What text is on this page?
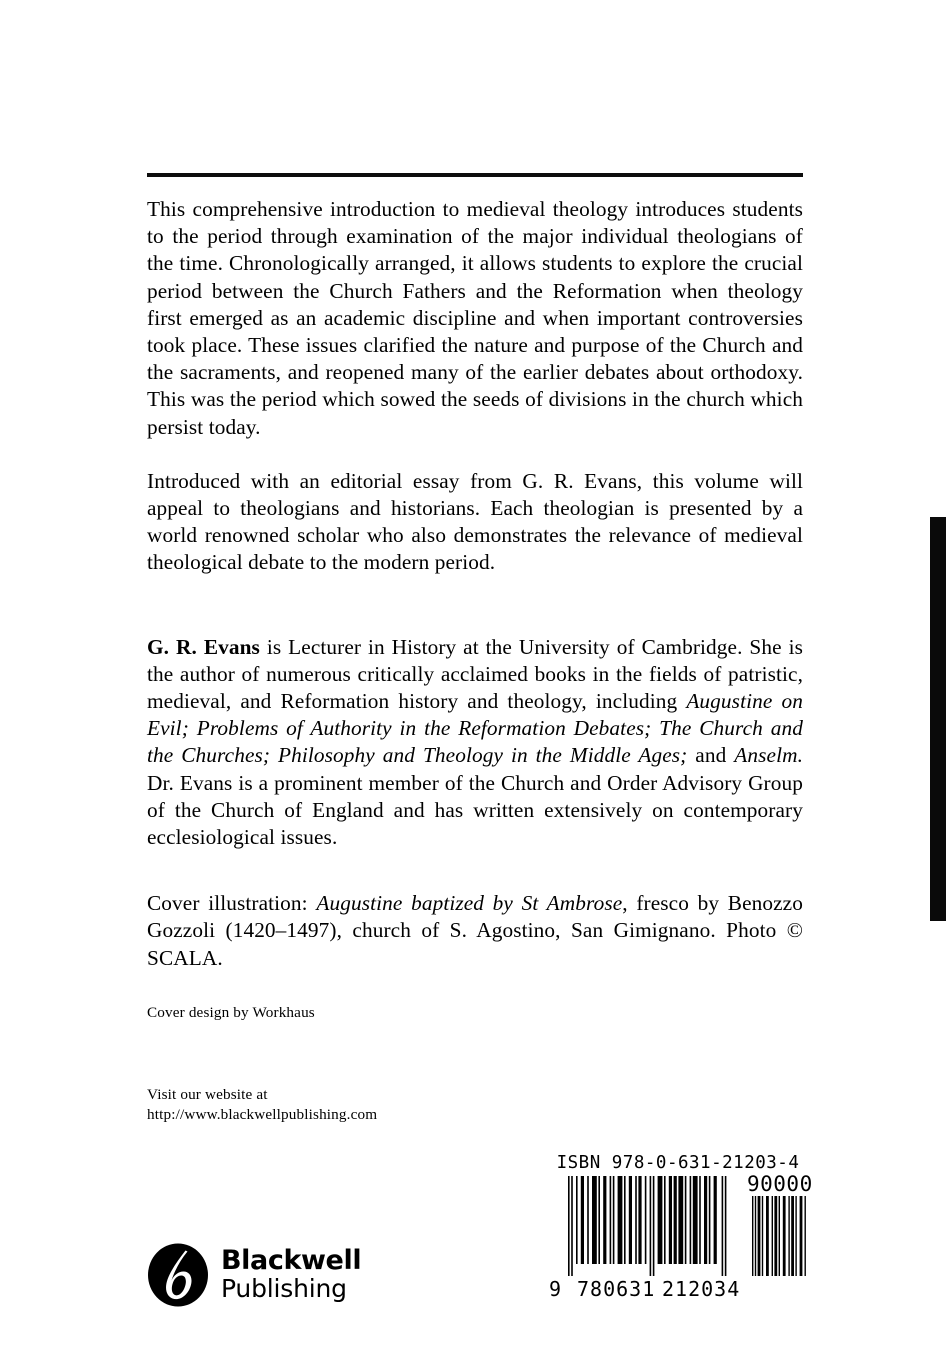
This comprehensive introduction to medieval theology introduces students to the period through examination of the major individual theologians of the time. Chronologically arranged, it allows students to explore the crucial period between the Church Fathers and the Reformation when theology first emerged as an academic discipline and when important controversies took place. These issues clarified the nature and purpose of the Church and the sacraments, and reopened many of the earlier debates about orthodoxy. This was the period which sowed the seeds of divisions in the church which persist today.

Introduced with an editorial essay from G. R. Evans, this volume will appeal to theologians and historians. Each theologian is presented by a world renowned scholar who also demonstrates the relevance of medieval theological debate to the modern period.

G. R. Evans is Lecturer in History at the University of Cambridge. She is the author of numerous critically acclaimed books in the fields of patristic, medieval, and Reformation history and theology, including Augustine on Evil; Problems of Authority in the Reformation Debates; The Church and the Churches; Philosophy and Theology in the Middle Ages; and Anselm. Dr. Evans is a prominent member of the Church and Order Advisory Group of the Church of England and has written extensively on contemporary ecclesiological issues.

Cover illustration: Augustine baptized by St Ambrose, fresco by Benozzo Gozzoli (1420–1497), church of S. Agostino, San Gimignano. Photo © SCALA.

Cover design by Workhaus
Visit our website at
http://www.blackwellpublishing.com
ISBN 978-0-631-21203-4
90000
9 780631 212034
Blackwell
Publishing
